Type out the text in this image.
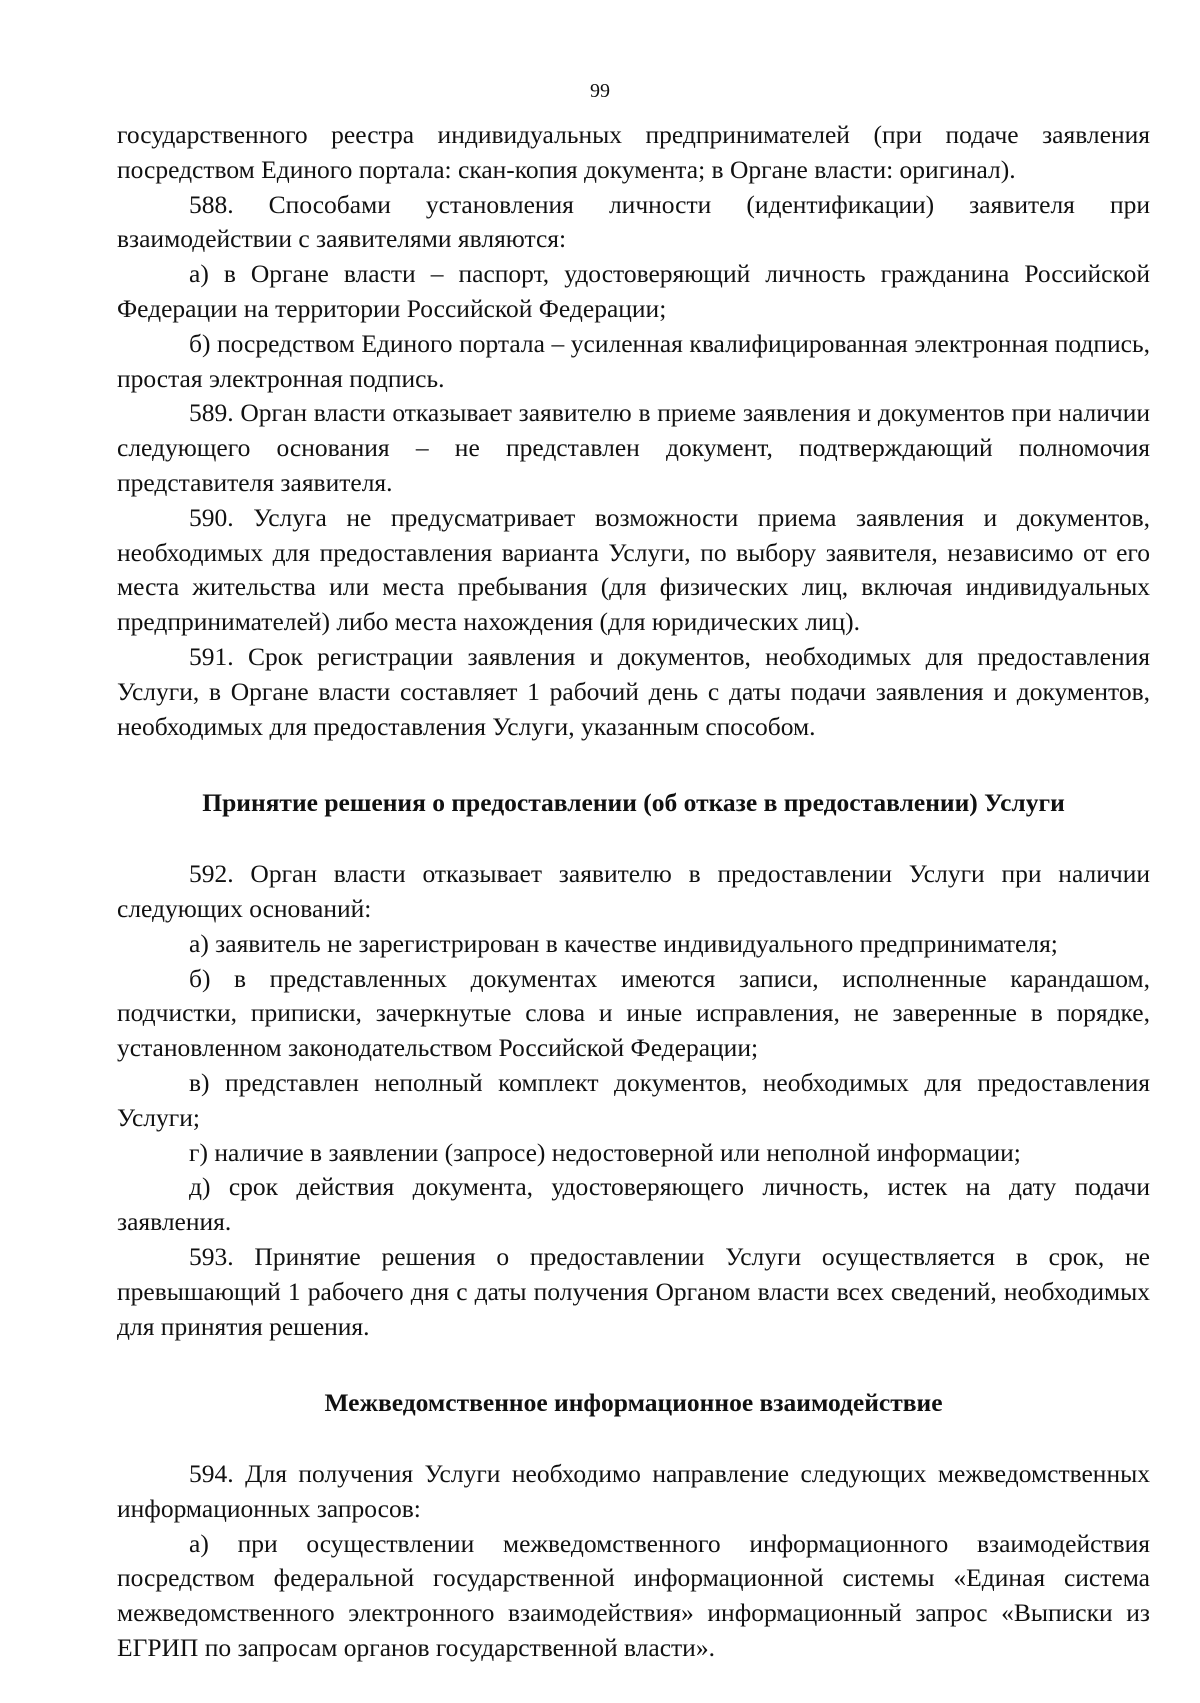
99

государственного реестра индивидуальных предпринимателей (при подаче заявления посредством Единого портала: скан-копия документа; в Органе власти: оригинал).

588. Способами установления личности (идентификации) заявителя при взаимодействии с заявителями являются:

а) в Органе власти – паспорт, удостоверяющий личность гражданина Российской Федерации на территории Российской Федерации;

б) посредством Единого портала – усиленная квалифицированная электронная подпись, простая электронная подпись.

589. Орган власти отказывает заявителю в приеме заявления и документов при наличии следующего основания – не представлен документ, подтверждающий полномочия представителя заявителя.

590. Услуга не предусматривает возможности приема заявления и документов, необходимых для предоставления варианта Услуги, по выбору заявителя, независимо от его места жительства или места пребывания (для физических лиц, включая индивидуальных предпринимателей) либо места нахождения (для юридических лиц).

591. Срок регистрации заявления и документов, необходимых для предоставления Услуги, в Органе власти составляет 1 рабочий день с даты подачи заявления и документов, необходимых для предоставления Услуги, указанным способом.

Принятие решения о предоставлении (об отказе в предоставлении) Услуги

592. Орган власти отказывает заявителю в предоставлении Услуги при наличии следующих оснований:

а) заявитель не зарегистрирован в качестве индивидуального предпринимателя;

б) в представленных документах имеются записи, исполненные карандашом, подчистки, приписки, зачеркнутые слова и иные исправления, не заверенные в порядке, установленном законодательством Российской Федерации;

в) представлен неполный комплект документов, необходимых для предоставления Услуги;

г) наличие в заявлении (запросе) недостоверной или неполной информации;

д) срок действия документа, удостоверяющего личность, истек на дату подачи заявления.

593. Принятие решения о предоставлении Услуги осуществляется в срок, не превышающий 1 рабочего дня с даты получения Органом власти всех сведений, необходимых для принятия решения.

Межведомственное информационное взаимодействие

594. Для получения Услуги необходимо направление следующих межведомственных информационных запросов:

а) при осуществлении межведомственного информационного взаимодействия посредством федеральной государственной информационной системы «Единая система межведомственного электронного взаимодействия» информационный запрос «Выписки из ЕГРИП по запросам органов государственной власти».
